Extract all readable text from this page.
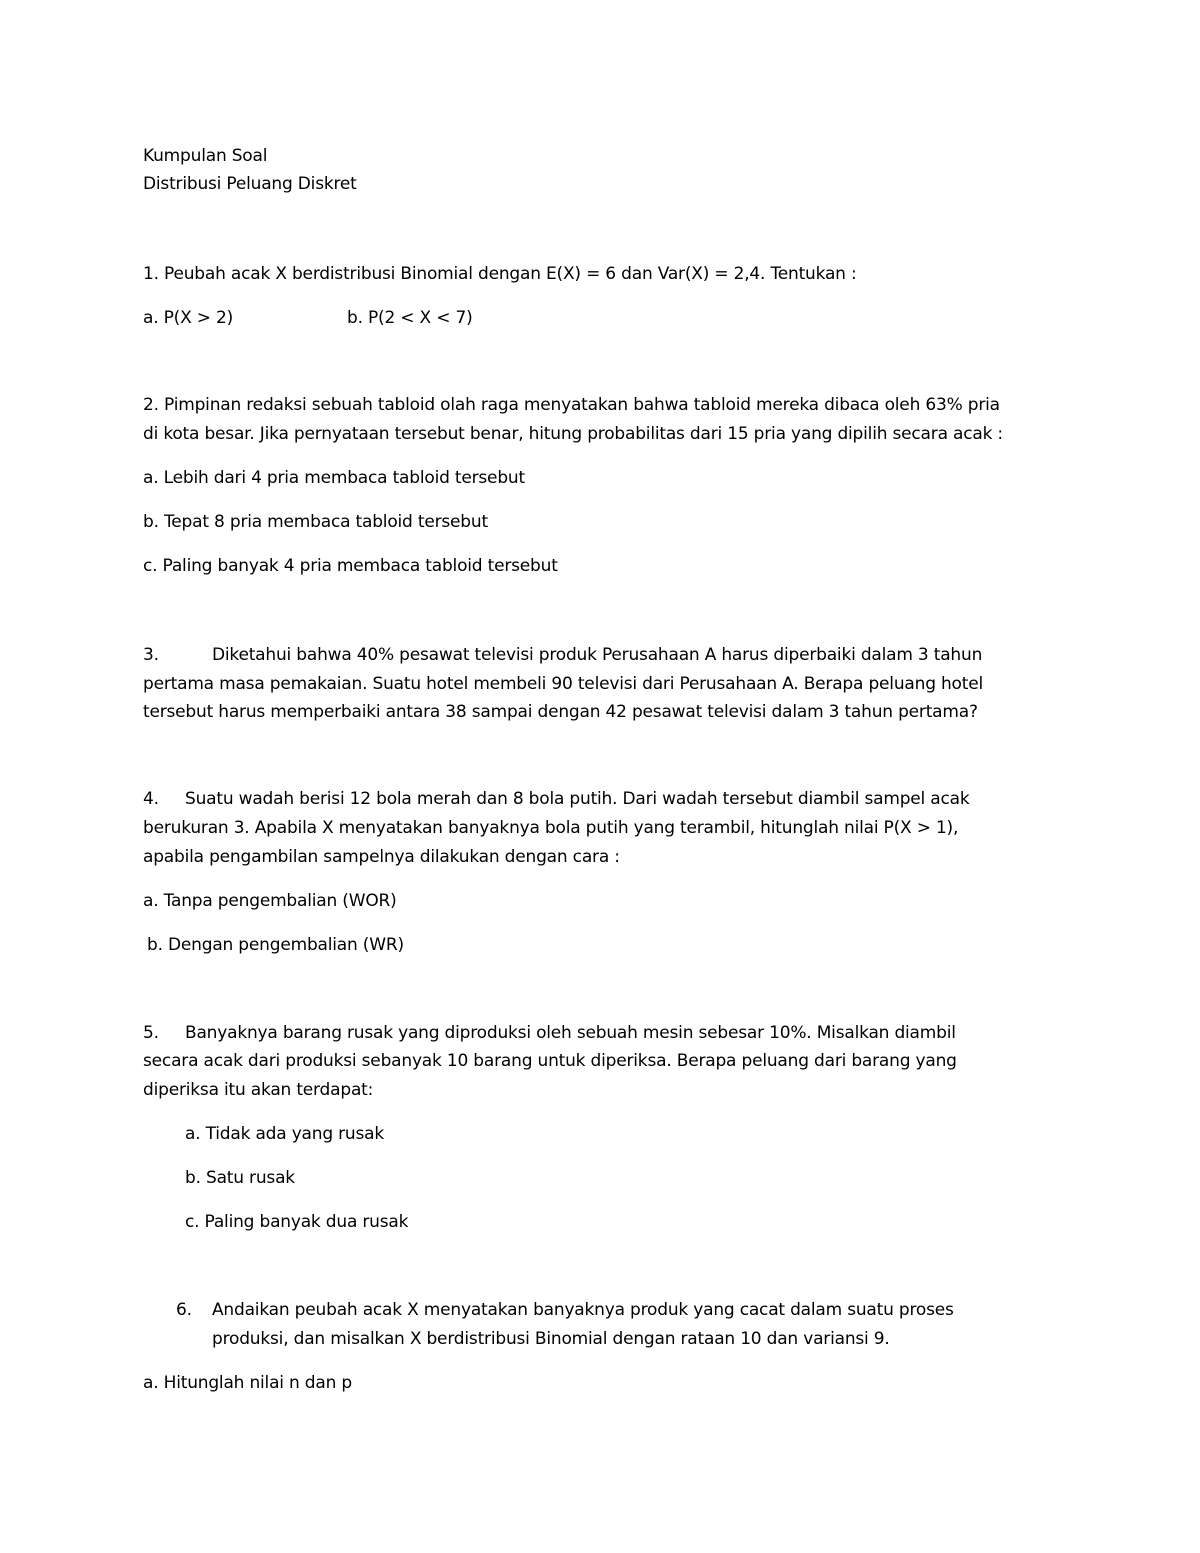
Kumpulan Soal
Distribusi Peluang Diskret
1. Peubah acak X berdistribusi Binomial dengan E(X) = 6 dan Var(X) = 2,4. Tentukan :
a. P(X > 2)	b. P(2 < X < 7)
2. Pimpinan redaksi sebuah tabloid olah raga menyatakan bahwa tabloid mereka dibaca oleh 63% pria
di kota besar. Jika pernyataan tersebut benar, hitung probabilitas dari 15 pria yang dipilih secara acak :
a. Lebih dari 4 pria membaca tabloid tersebut
b. Tepat 8 pria membaca tabloid tersebut
c. Paling banyak 4 pria membaca tabloid tersebut
3.	Diketahui bahwa 40% pesawat televisi produk Perusahaan A harus diperbaiki dalam 3 tahun
pertama masa pemakaian. Suatu hotel membeli 90 televisi dari Perusahaan A. Berapa peluang hotel
tersebut harus memperbaiki antara 38 sampai dengan 42 pesawat televisi dalam 3 tahun pertama?
4. Suatu wadah berisi 12 bola merah dan 8 bola putih. Dari wadah tersebut diambil sampel acak
berukuran 3. Apabila X menyatakan banyaknya bola putih yang terambil, hitunglah nilai P(X > 1),
apabila pengambilan sampelnya dilakukan dengan cara :
a. Tanpa pengembalian (WOR)
b. Dengan pengembalian (WR)
5. Banyaknya barang rusak yang diproduksi oleh sebuah mesin sebesar 10%. Misalkan diambil
secara acak dari produksi sebanyak 10 barang untuk diperiksa. Berapa peluang dari barang yang
diperiksa itu akan terdapat:
a. Tidak ada yang rusak
b. Satu rusak
c. Paling banyak dua rusak
6. Andaikan peubah acak X menyatakan banyaknya produk yang cacat dalam suatu proses
produksi, dan misalkan X berdistribusi Binomial dengan rataan 10 dan variansi 9.
a. Hitunglah nilai n dan p
